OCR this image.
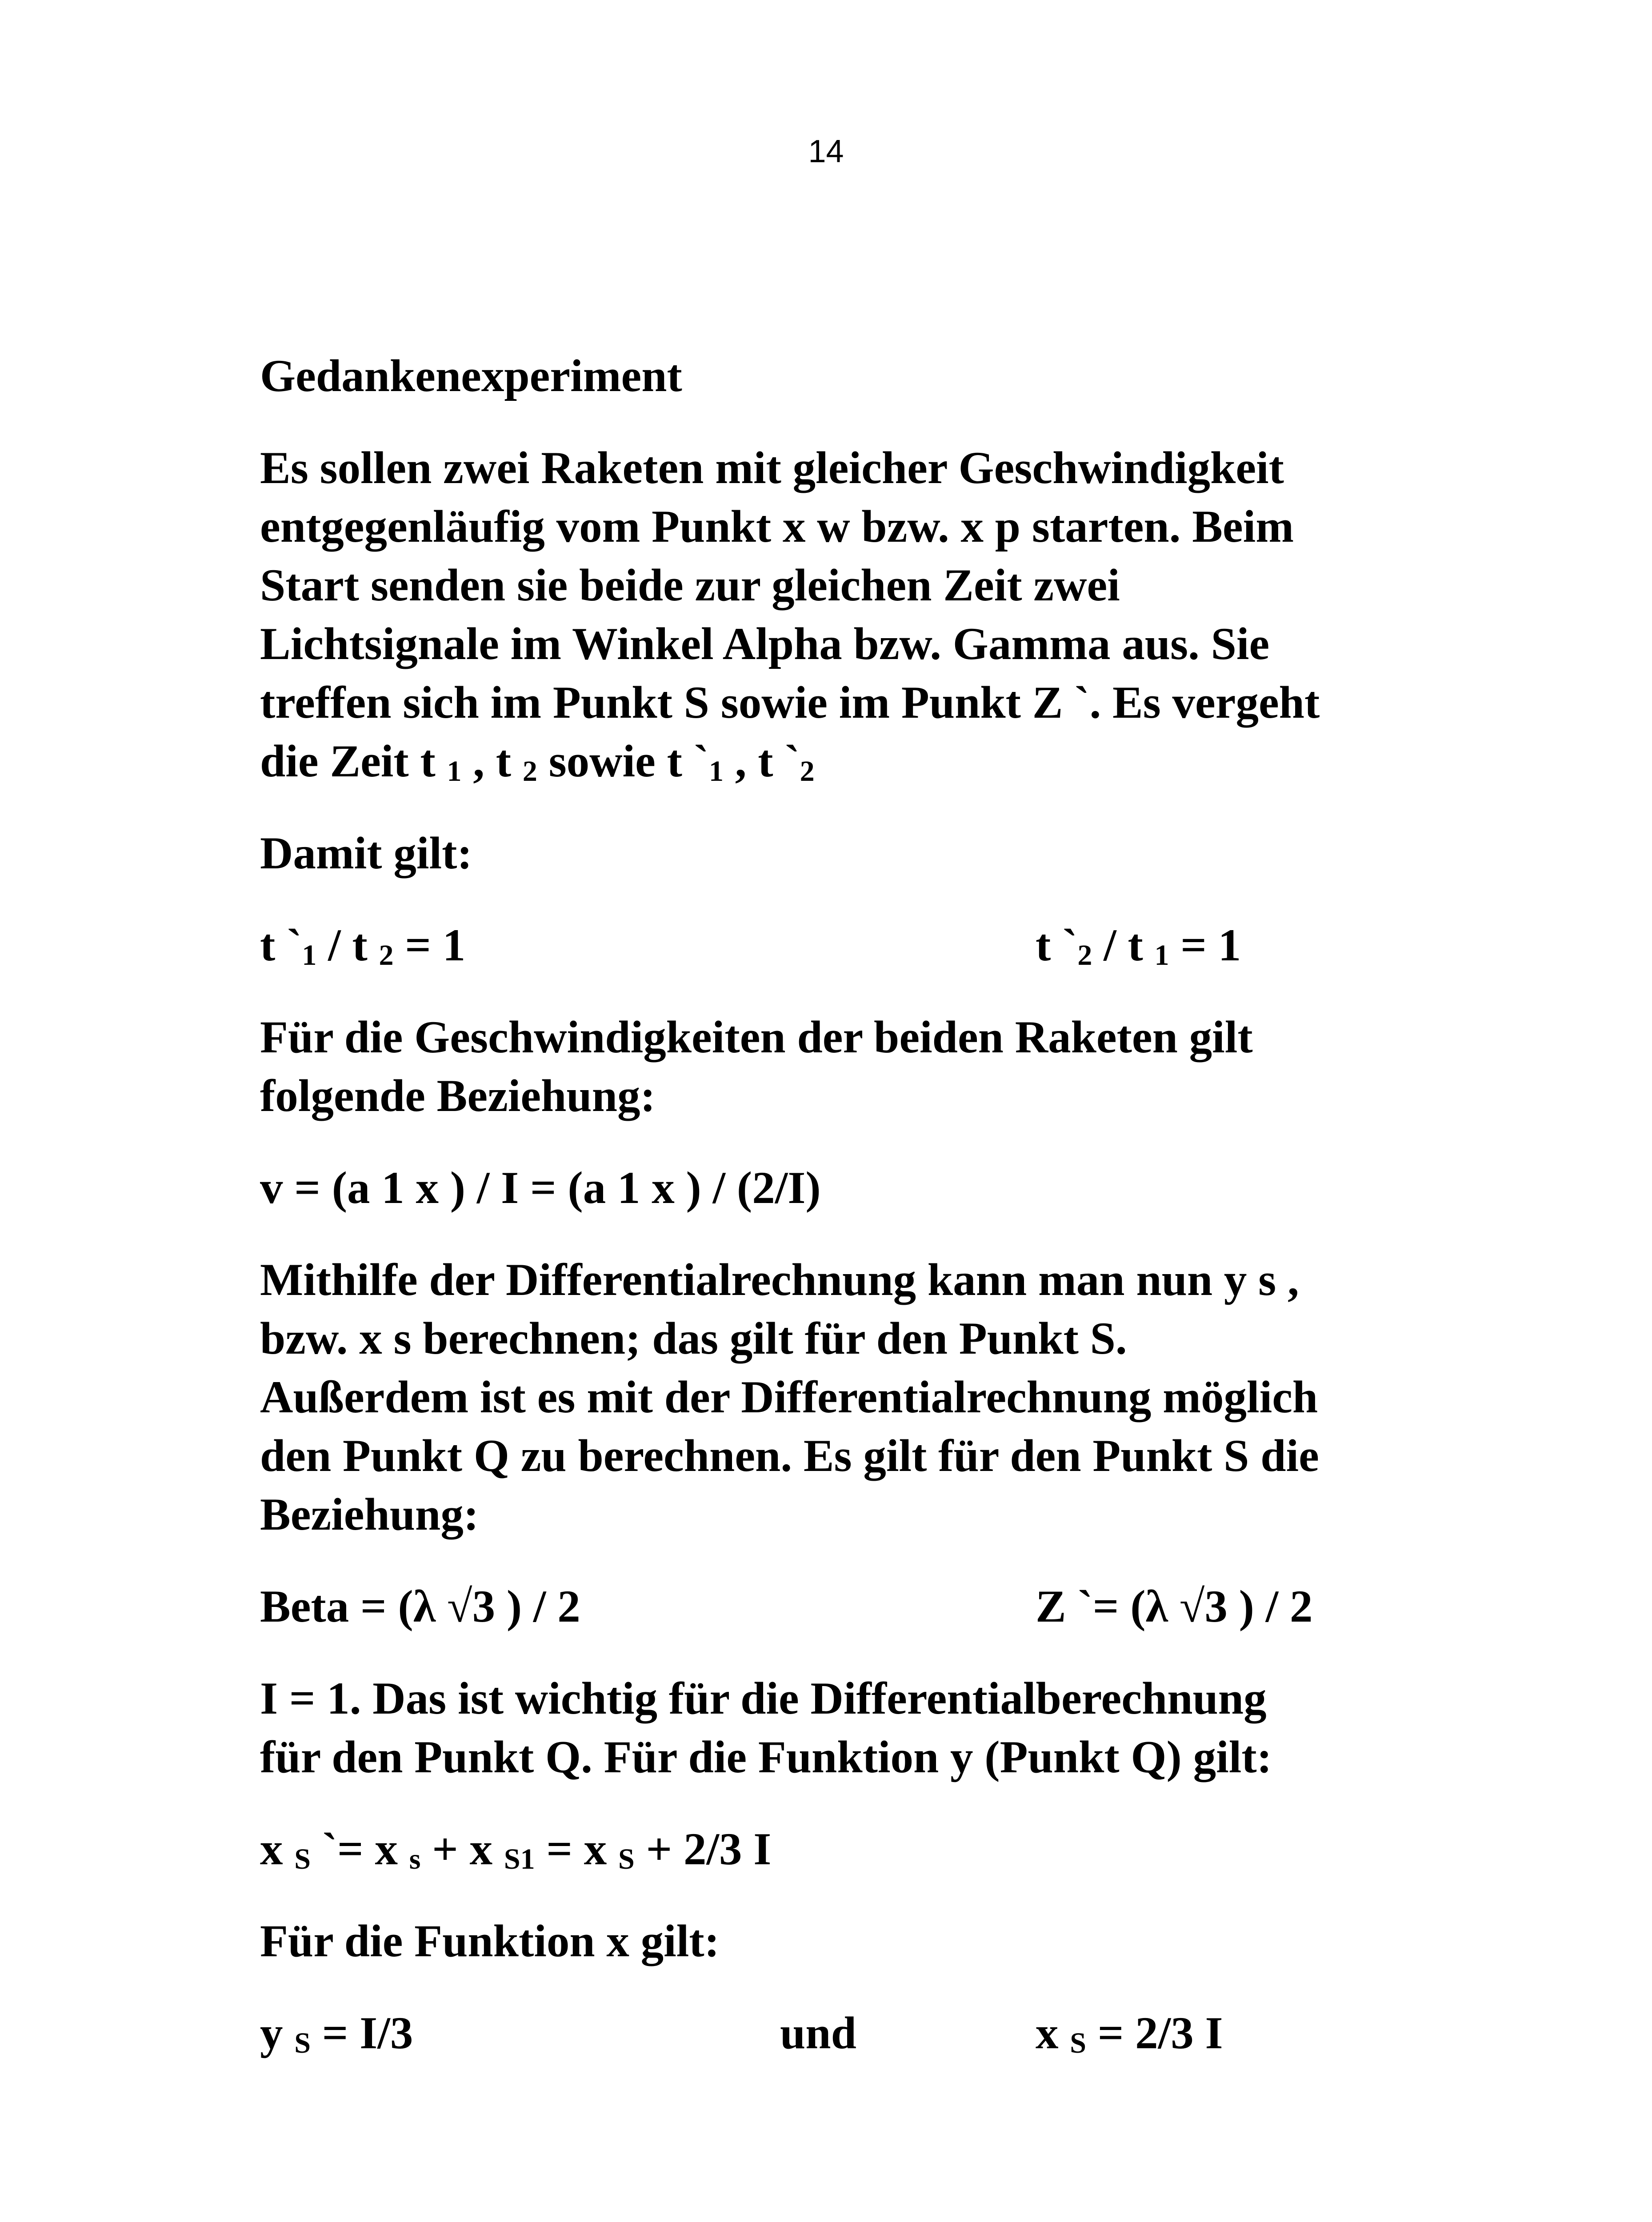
14
Gedankenexperiment
Es sollen zwei Raketen mit gleicher Geschwindigkeit
entgegenläufig vom Punkt x w bzw. x p starten. Beim
Start senden sie beide zur gleichen Zeit zwei
Lichtsignale im Winkel Alpha bzw. Gamma aus. Sie
treffen sich im Punkt S sowie im Punkt Z `. Es vergeht
die Zeit t $_1$ , t $_2$ sowie t $`_1$ , t $`_2$
Damit gilt:
t $`_1$ / t $_2$ = 1	t $`_2$ / t $_1$ = 1
Für die Geschwindigkeiten der beiden Raketen gilt
folgende Beziehung:
v = (a 1 x ) / I = (a 1 x ) / (2/I)
Mithilfe der Differentialrechnung kann man nun y s ,
bzw. x s berechnen; das gilt für den Punkt S.
Außerdem ist es mit der Differentialrechnung möglich
den Punkt Q zu berechnen. Es gilt für den Punkt S die
Beziehung:
Beta = (λ √3 ) / 2	Z `= (λ √3 ) / 2
I = 1. Das ist wichtig für die Differentialberechnung
für den Punkt Q. Für die Funktion y (Punkt Q) gilt:
x $_S$ `= x $_s$ + x $_{S1}$ = x $_S$ + 2/3 I
Für die Funktion x gilt:
y $_S$ = I/3	und	x $_S$ = 2/3 I
